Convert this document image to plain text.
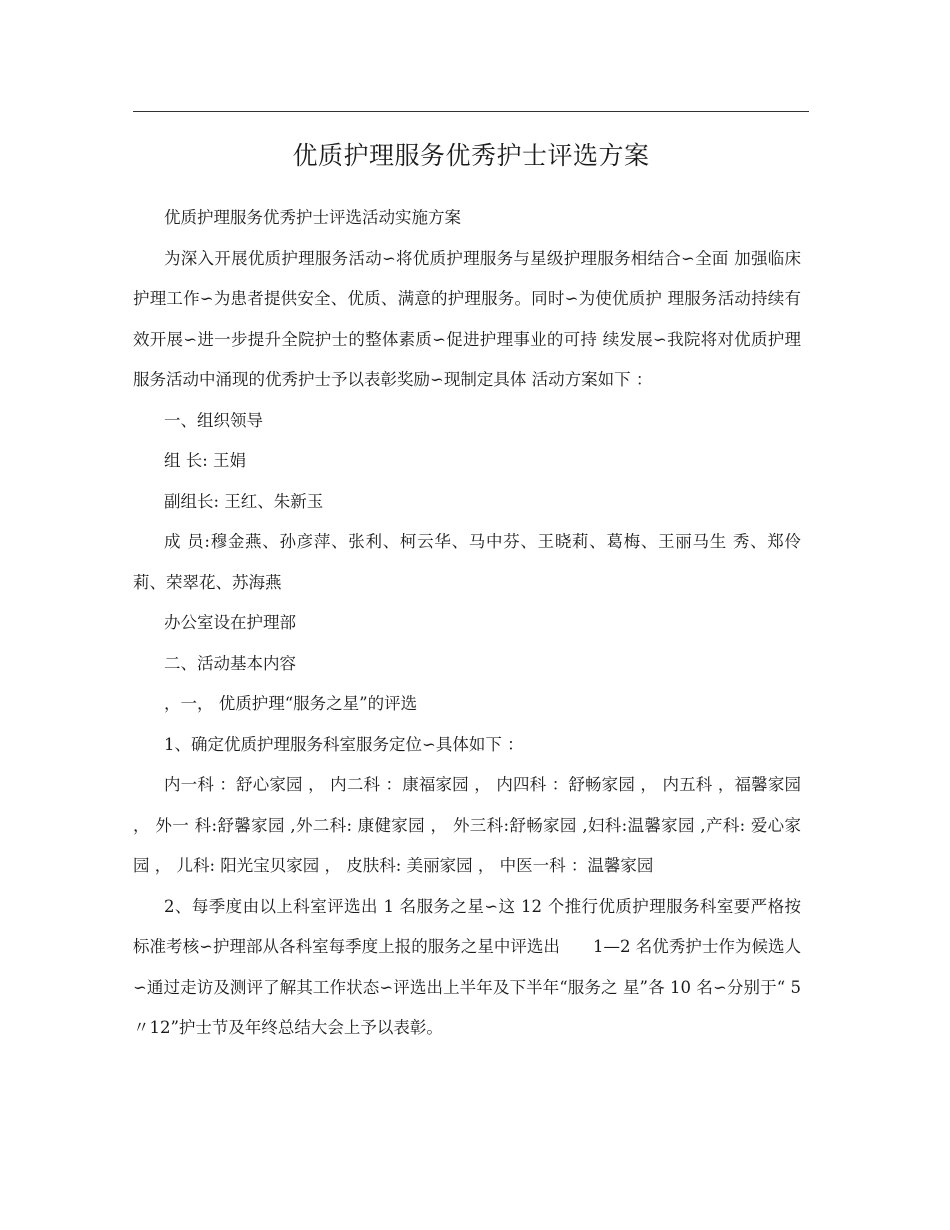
优质护理服务优秀护士评选方案

优质护理服务优秀护士评选活动实施方案

为深入开展优质护理服务活动∽将优质护理服务与星级护理服务相结合∽全面 加强临床护理工作∽为患者提供安全、优质、满意的护理服务。同时∽为使优质护 理服务活动持续有效开展∽进一步提升全院护士的整体素质∽促进护理事业的可持 续发展∽我院将对优质护理服务活动中涌现的优秀护士予以表彰奖励∽现制定具体 活动方案如下 ：

一、组织领导

组 长: 王娟

副组长: 王红、朱新玉

成 员:穆金燕、孙彦萍、张利、柯云华、马中芬、王晓莉、葛梅、王丽马生 秀、郑伶莉、荣翠花、苏海燕

办公室设在护理部

二、活动基本内容

，一， 优质护理“服务之星”的评选

1、确定优质护理服务科室服务定位∽具体如下 ：

内一科 ：舒心家园 ， 内二科 ：康福家园 ， 内四科 ：舒畅家园 ， 内五科 ，福馨家园 ， 外一 科:舒馨家园 ,外二科: 康健家园 ， 外三科:舒畅家园 ,妇科:温馨家园 ,产科: 爱心家园 ， 儿科: 阳光宝贝家园 ， 皮肤科: 美丽家园 ， 中医一科 ：温馨家园

2、每季度由以上科室评选出 1 名服务之星∽这 12 个推行优质护理服务科室要严格按标准考核∽护理部从各科室每季度上报的服务之星中评选出　　1—2 名优秀护士作为候选人∽通过走访及测评了解其工作状态∽评选出上半年及下半年“服务之 星”各 10 名∽分别于“ 5〃12”护士节及年终总结大会上予以表彰。
